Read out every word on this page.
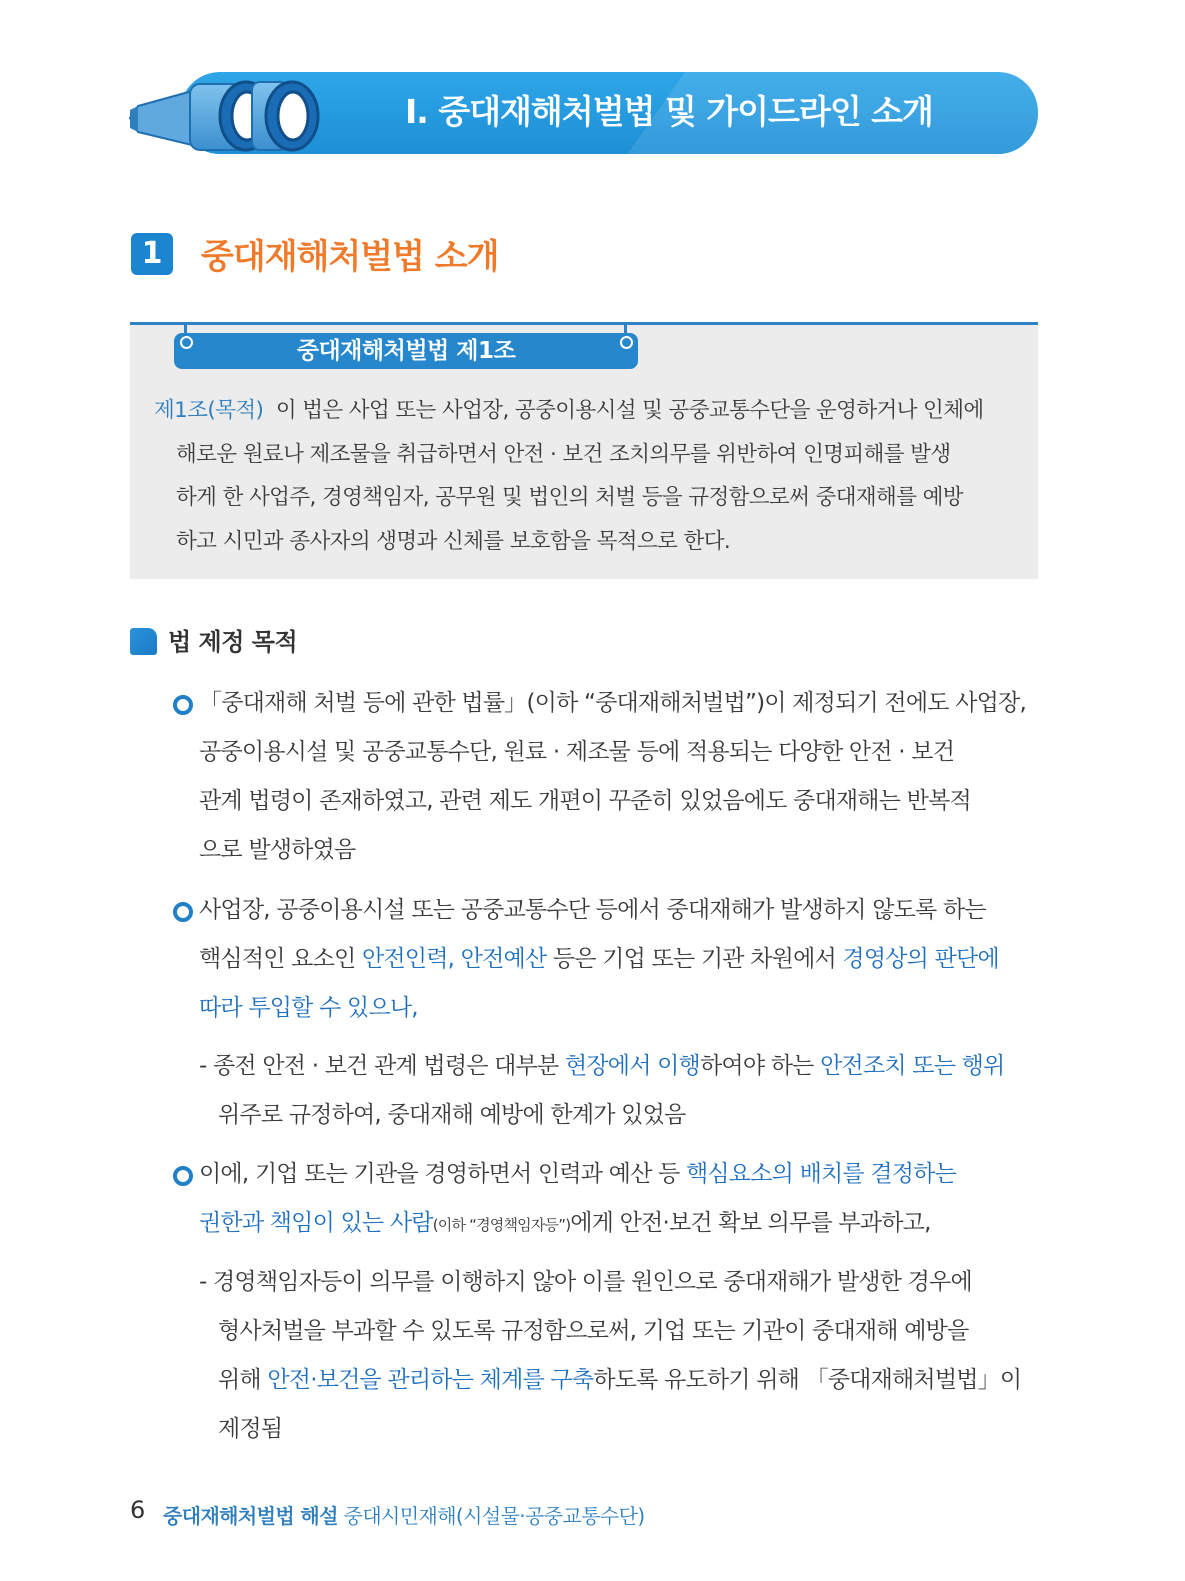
Ⅰ. 중대재해처벌법 및 가이드라인 소개
1	중대재해처벌법 소개
중대재해처벌법 제1조
제1조(목적) 이 법은 사업 또는 사업장, 공중이용시설 및 공중교통수단을 운영하거나 인체에
해로운 원료나 제조물을 취급하면서 안전 · 보건 조치의무를 위반하여 인명피해를 발생
하게 한 사업주, 경영책임자, 공무원 및 법인의 처벌 등을 규정함으로써 중대재해를 예방
하고 시민과 종사자의 생명과 신체를 보호함을 목적으로 한다.
법 제정 목적
「중대재해 처벌 등에 관한 법률」(이하 “중대재해처벌법”)이 제정되기 전에도 사업장,
공중이용시설 및 공중교통수단, 원료 · 제조물 등에 적용되는 다양한 안전 · 보건
관계 법령이 존재하였고, 관련 제도 개편이 꾸준히 있었음에도 중대재해는 반복적
으로 발생하였음
사업장, 공중이용시설 또는 공중교통수단 등에서 중대재해가 발생하지 않도록 하는
핵심적인 요소인 안전인력, 안전예산 등은 기업 또는 기관 차원에서 경영상의 판단에
따라 투입할 수 있으나,
- 종전 안전 · 보건 관계 법령은 대부분 현장에서 이행하여야 하는 안전조치 또는 행위
위주로 규정하여, 중대재해 예방에 한계가 있었음
이에, 기업 또는 기관을 경영하면서 인력과 예산 등 핵심요소의 배치를 결정하는
권한과 책임이 있는 사람(이하 “경영책임자등”)에게 안전·보건 확보 의무를 부과하고,
- 경영책임자등이 의무를 이행하지 않아 이를 원인으로 중대재해가 발생한 경우에
형사처벌을 부과할 수 있도록 규정함으로써, 기업 또는 기관이 중대재해 예방을
위해 안전·보건을 관리하는 체계를 구축하도록 유도하기 위해 「중대재해처벌법」이
제정됨
6 중대재해처벌법 해설 중대시민재해(시설물·공중교통수단)
